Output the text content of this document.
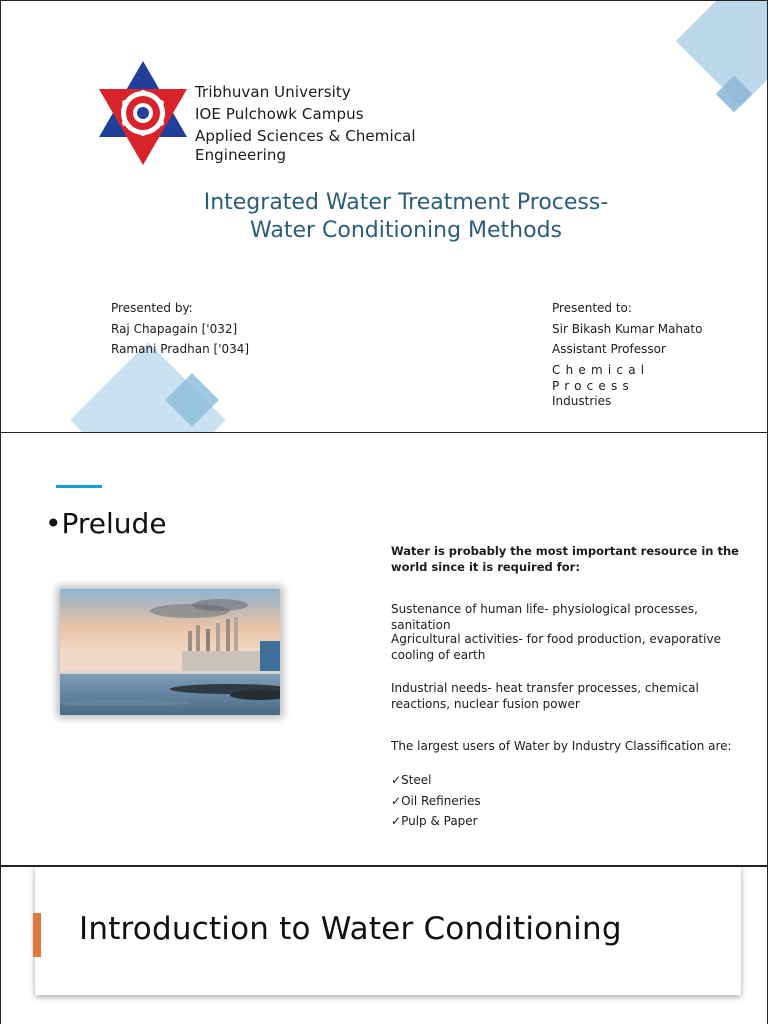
Tribhuvan University
IOE Pulchowk Campus
Applied Sciences & Chemical
Engineering
Integrated Water Treatment Process-
Water Conditioning Methods
Presented by:
Raj Chapagain ['032]
Ramani Pradhan ['034]
Presented to:
Sir Bikash Kumar Mahato
Assistant Professor
Chemical Process
Industries
•Prelude
Water is probably the most important resource in the world since it is required for:
Sustenance of human life- physiological processes, sanitation
Agricultural activities- for food production, evaporative cooling of earth
Industrial needs- heat transfer processes, chemical reactions, nuclear fusion power
The largest users of Water by Industry Classification are:
✓Steel
✓Oil Refineries
✓Pulp & Paper
Introduction to Water Conditioning
